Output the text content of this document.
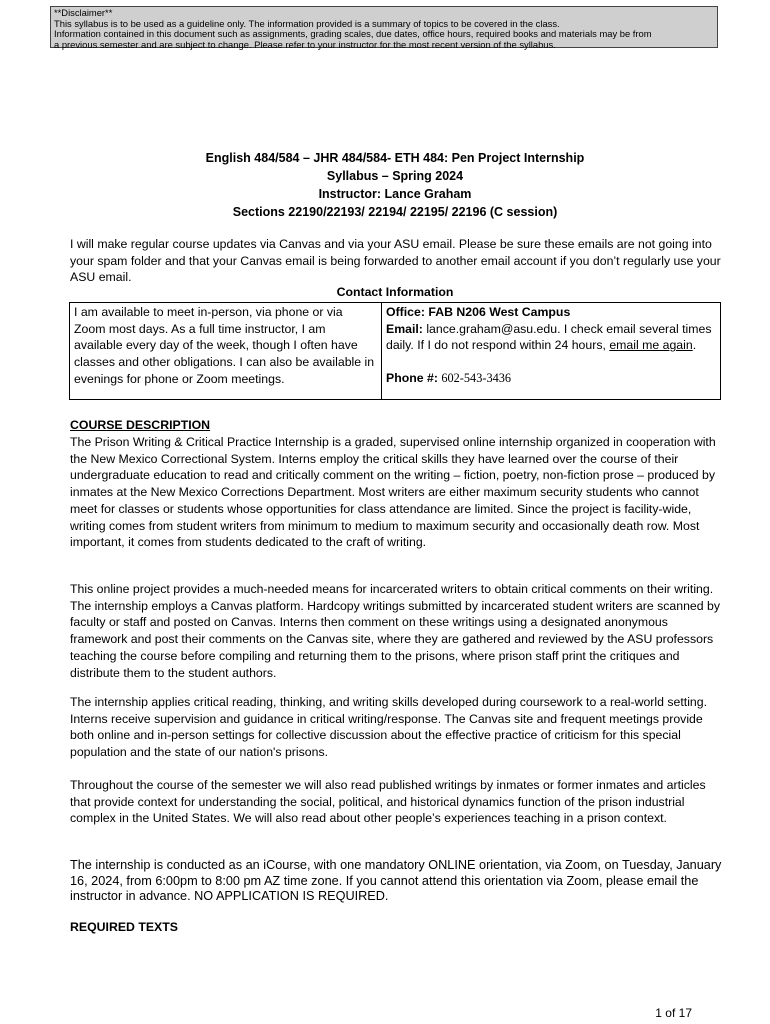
**Disclaimer**
This syllabus is to be used as a guideline only. The information provided is a summary of topics to be covered in the class.
Information contained in this document such as assignments, grading scales, due dates, office hours, required books and materials may be from
a previous semester and are subject to change. Please refer to your instructor for the most recent version of the syllabus.
English 484/584 – JHR 484/584- ETH 484: Pen Project Internship
Syllabus – Spring 2024
Instructor: Lance Graham
Sections 22190/22193/ 22194/ 22195/ 22196 (C session)
I will make regular course updates via Canvas and via your ASU email. Please be sure these emails are not going into your spam folder and that your Canvas email is being forwarded to another email account if you don’t regularly use your ASU email.
Contact Information
I am available to meet in-person, via phone or via Zoom most days. As a full time instructor, I am available every day of the week, though I often have classes and other obligations. I can also be available in evenings for phone or Zoom meetings.	
Office: FAB N206 West Campus
Email: lance.graham@asu.edu. I check email several times daily. If I do not respond within 24 hours, email me again.
Phone #: 602-543-3436
COURSE DESCRIPTION
The Prison Writing & Critical Practice Internship is a graded, supervised online internship organized in cooperation with the New Mexico Correctional System. Interns employ the critical skills they have learned over the course of their undergraduate education to read and critically comment on the writing – fiction, poetry, non-fiction prose – produced by inmates at the New Mexico Corrections Department. Most writers are either maximum security students who cannot meet for classes or students whose opportunities for class attendance are limited. Since the project is facility-wide, writing comes from student writers from minimum to medium to maximum security and occasionally death row. Most important, it comes from students dedicated to the craft of writing.
This online project provides a much-needed means for incarcerated writers to obtain critical comments on their writing. The internship employs a Canvas platform. Hardcopy writings submitted by incarcerated student writers are scanned by faculty or staff and posted on Canvas. Interns then comment on these writings using a designated anonymous framework and post their comments on the Canvas site, where they are gathered and reviewed by the ASU professors teaching the course before compiling and returning them to the prisons, where prison staff print the critiques and distribute them to the student authors.
The internship applies critical reading, thinking, and writing skills developed during coursework to a real-world setting. Interns receive supervision and guidance in critical writing/response. The Canvas site and frequent meetings provide both online and in-person settings for collective discussion about the effective practice of criticism for this special population and the state of our nation's prisons.
Throughout the course of the semester we will also read published writings by inmates or former inmates and articles that provide context for understanding the social, political, and historical dynamics function of the prison industrial complex in the United States. We will also read about other people’s experiences teaching in a prison context.
The internship is conducted as an iCourse, with one mandatory ONLINE orientation, via Zoom, on Tuesday, January 16, 2024, from 6:00pm to 8:00 pm AZ time zone. If you cannot attend this orientation via Zoom, please email the instructor in advance. NO APPLICATION IS REQUIRED.
REQUIRED TEXTS
1 of 17
